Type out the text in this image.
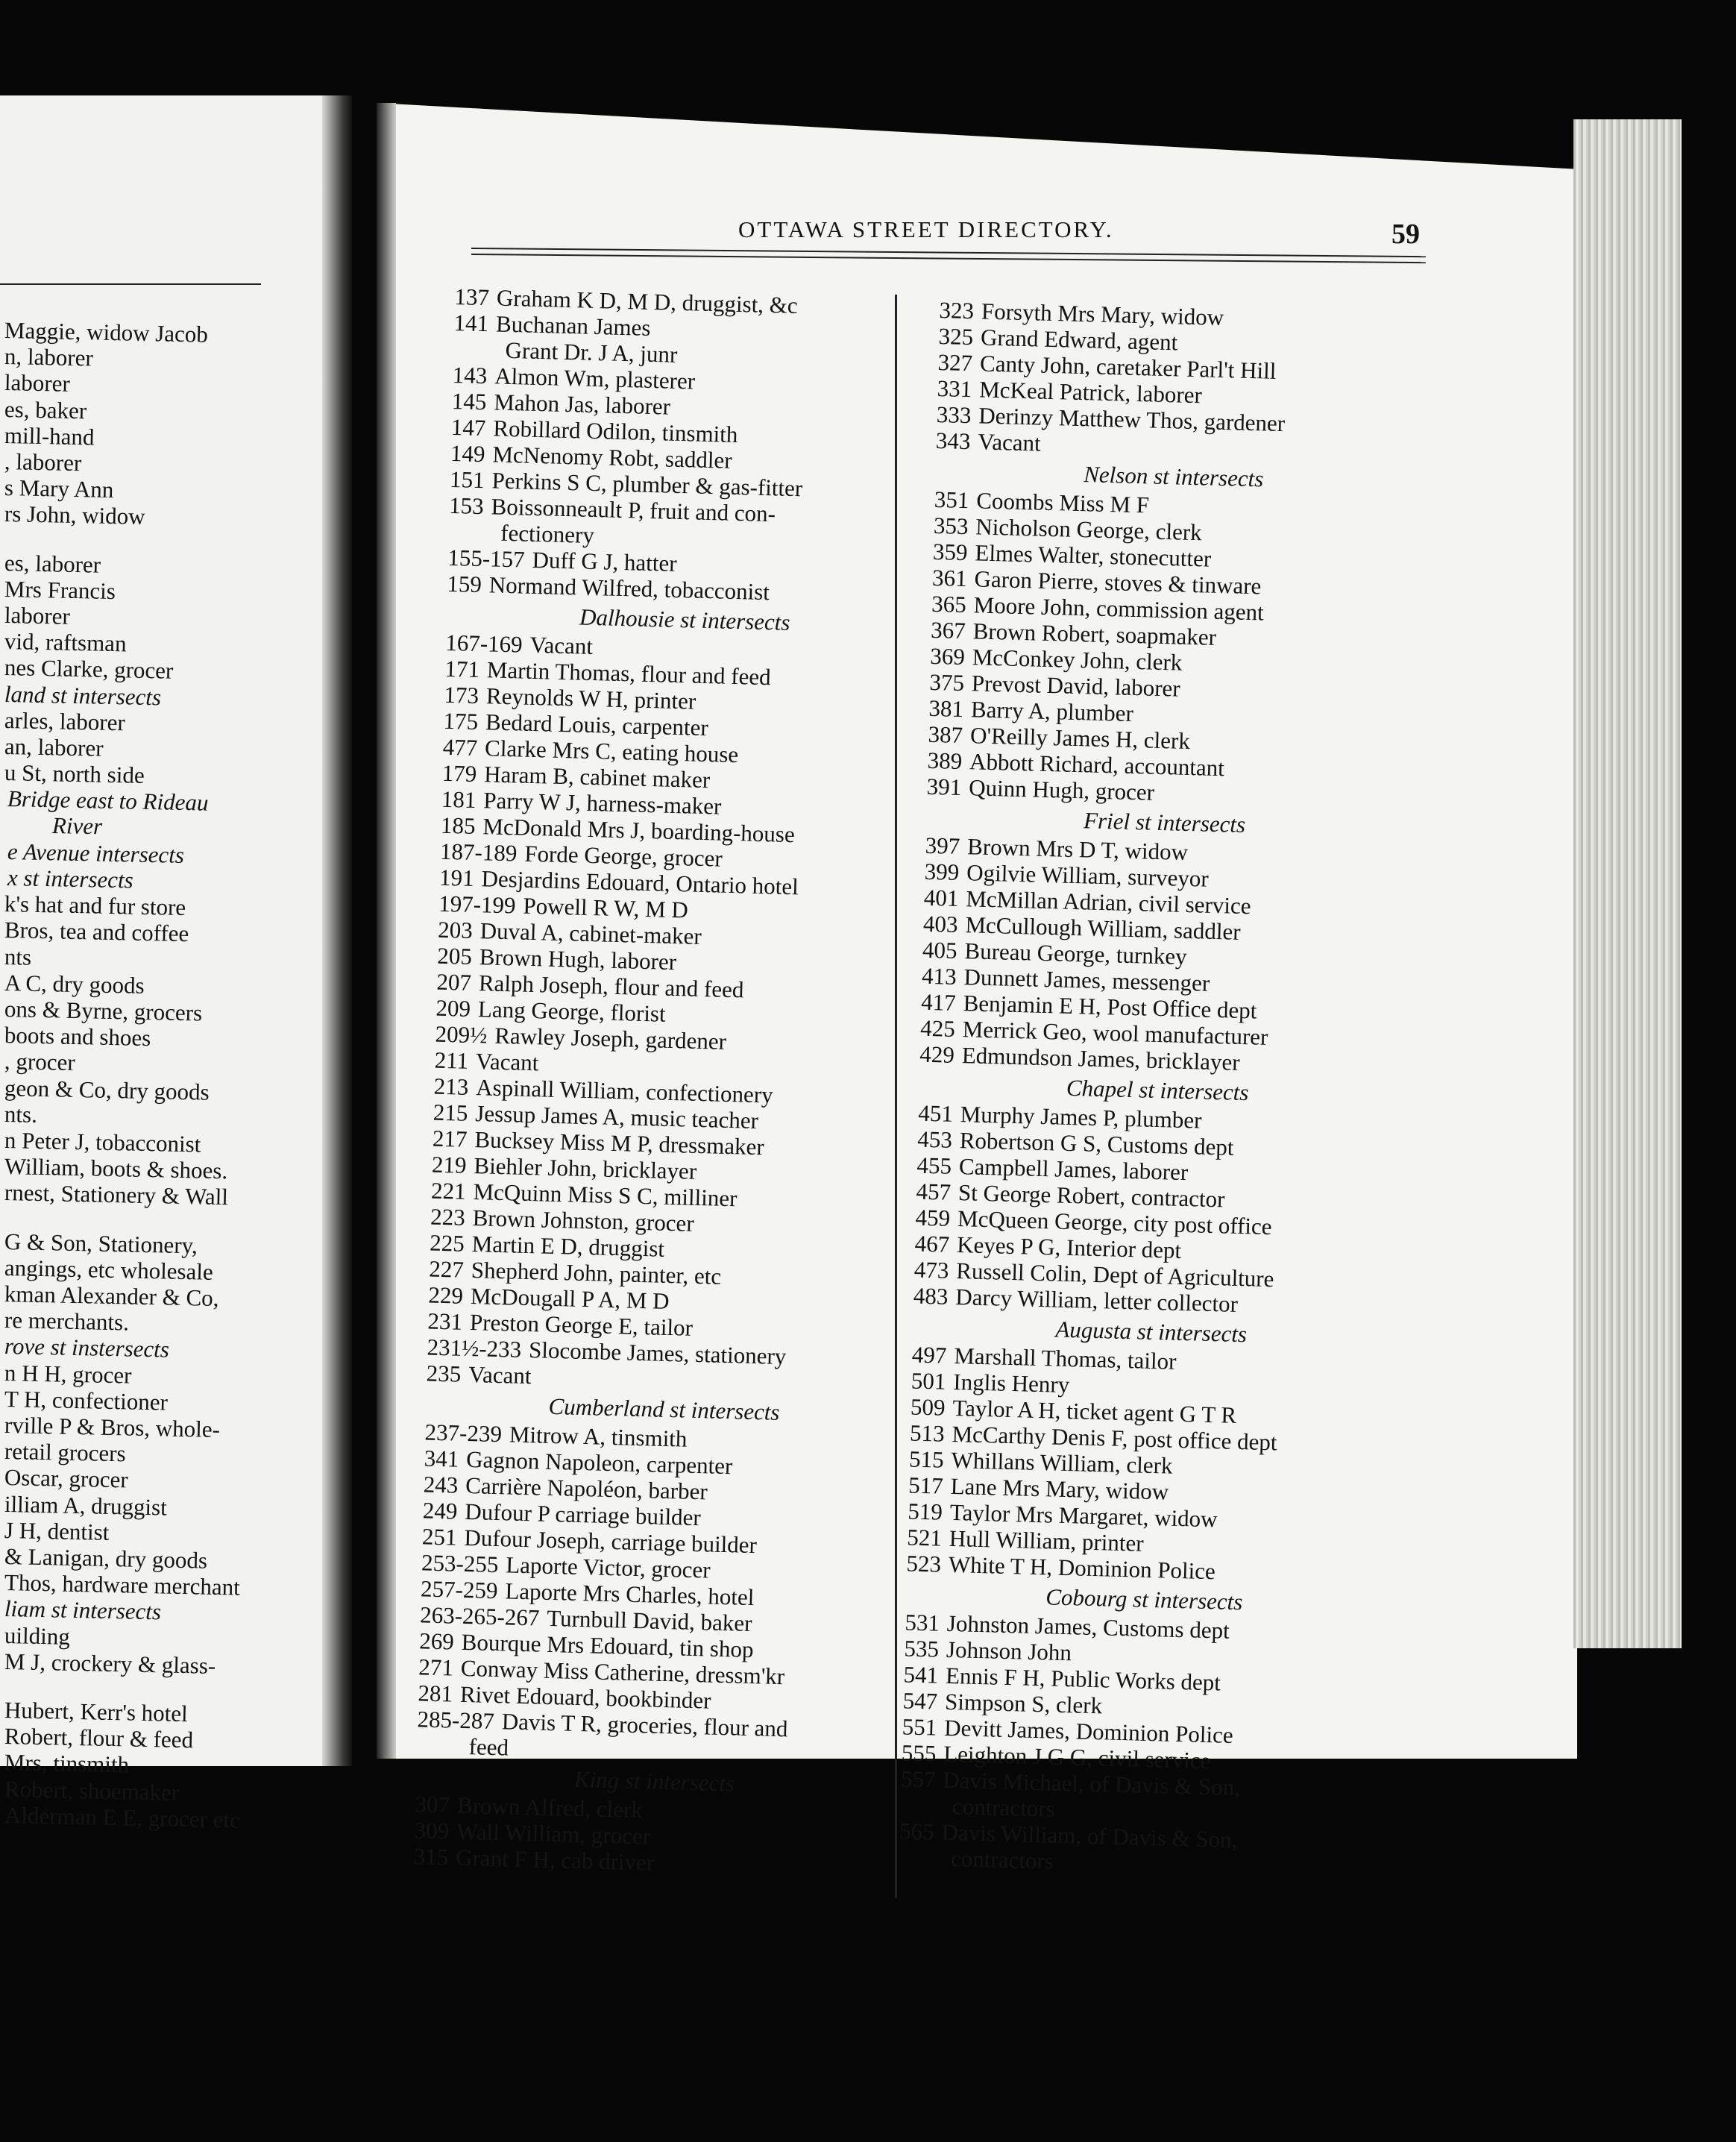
Maggie, widow Jacob
n, laborer
laborer
es, baker
mill-hand
, laborer
s Mary Ann
rs John, widow
es, laborer
Mrs Francis
laborer
vid, raftsman
nes Clarke, grocer
land st intersects
arles, laborer
an, laborer
u St, north side
Bridge east to Rideau
River
e Avenue intersects
x st intersects
k's hat and fur store
Bros, tea and coffee
nts
A C, dry goods
ons & Byrne, grocers
boots and shoes
, grocer
geon & Co, dry goods
nts.
n Peter J, tobacconist
William, boots & shoes.
rnest, Stationery & Wall
G & Son, Stationery,
angings, etc wholesale
kman Alexander & Co,
re merchants.
rove st instersects
n H H, grocer
T H, confectioner
rville P & Bros, whole-
retail grocers
Oscar, grocer
illiam A, druggist
J H, dentist
& Lanigan, dry goods
Thos, hardware merchant
liam st intersects
uilding
M J, crockery & glass-
Hubert, Kerr's hotel
Robert, flour & feed
Mrs, tinsmith
Robert, shoemaker
Alderman E E, grocer etc
OTTAWA STREET DIRECTORY.	59
137 Graham K D, M D, druggist, &c
141 Buchanan James
Grant Dr. J A, junr
143 Almon Wm, plasterer
145 Mahon Jas, laborer
147 Robillard Odilon, tinsmith
149 McNenomy Robt, saddler
151 Perkins S C, plumber & gas-fitter
153 Boissonneault P, fruit and con-
fectionery
155-157 Duff G J, hatter
159 Normand Wilfred, tobacconist
Dalhousie st intersects
167-169 Vacant
171 Martin Thomas, flour and feed
173 Reynolds W H, printer
175 Bedard Louis, carpenter
477 Clarke Mrs C, eating house
179 Haram B, cabinet maker
181 Parry W J, harness-maker
185 McDonald Mrs J, boarding-house
187-189 Forde George, grocer
191 Desjardins Edouard, Ontario hotel
197-199 Powell R W, M D
203 Duval A, cabinet-maker
205 Brown Hugh, laborer
207 Ralph Joseph, flour and feed
209 Lang George, florist
209½ Rawley Joseph, gardener
211 Vacant
213 Aspinall William, confectionery
215 Jessup James A, music teacher
217 Bucksey Miss M P, dressmaker
219 Biehler John, bricklayer
221 McQuinn Miss S C, milliner
223 Brown Johnston, grocer
225 Martin E D, druggist
227 Shepherd John, painter, etc
229 McDougall P A, M D
231 Preston George E, tailor
231½-233 Slocombe James, stationery
235 Vacant
Cumberland st intersects
237-239 Mitrow A, tinsmith
341 Gagnon Napoleon, carpenter
243 Carrière Napoléon, barber
249 Dufour P carriage builder
251 Dufour Joseph, carriage builder
253-255 Laporte Victor, grocer
257-259 Laporte Mrs Charles, hotel
263-265-267 Turnbull David, baker
269 Bourque Mrs Edouard, tin shop
271 Conway Miss Catherine, dressm'kr
281 Rivet Edouard, bookbinder
285-287 Davis T R, groceries, flour and
feed
King st intersects
307 Brown Alfred, clerk
309 Wall William, grocer
315 Grant F H, cab driver
323 Forsyth Mrs Mary, widow
325 Grand Edward, agent
327 Canty John, caretaker Parl't Hill
331 McKeal Patrick, laborer
333 Derinzy Matthew Thos, gardener
343 Vacant
Nelson st intersects
351 Coombs Miss M F
353 Nicholson George, clerk
359 Elmes Walter, stonecutter
361 Garon Pierre, stoves & tinware
365 Moore John, commission agent
367 Brown Robert, soapmaker
369 McConkey John, clerk
375 Prevost David, laborer
381 Barry A, plumber
387 O'Reilly James H, clerk
389 Abbott Richard, accountant
391 Quinn Hugh, grocer
Friel st intersects
397 Brown Mrs D T, widow
399 Ogilvie William, surveyor
401 McMillan Adrian, civil service
403 McCullough William, saddler
405 Bureau George, turnkey
413 Dunnett James, messenger
417 Benjamin E H, Post Office dept
425 Merrick Geo, wool manufacturer
429 Edmundson James, bricklayer
Chapel st intersects
451 Murphy James P, plumber
453 Robertson G S, Customs dept
455 Campbell James, laborer
457 St George Robert, contractor
459 McQueen George, city post office
467 Keyes P G, Interior dept
473 Russell Colin, Dept of Agriculture
483 Darcy William, letter collector
Augusta st intersects
497 Marshall Thomas, tailor
501 Inglis Henry
509 Taylor A H, ticket agent G T R
513 McCarthy Denis F, post office dept
515 Whillans William, clerk
517 Lane Mrs Mary, widow
519 Taylor Mrs Margaret, widow
521 Hull William, printer
523 White T H, Dominion Police
Cobourg st intersects
531 Johnston James, Customs dept
535 Johnson John
541 Ennis F H, Public Works dept
547 Simpson S, clerk
551 Devitt James, Dominion Police
555 Leighton J G G, civil service
557 Davis Michael, of Davis & Son,
contractors
565 Davis William, of Davis & Son,
contractors
